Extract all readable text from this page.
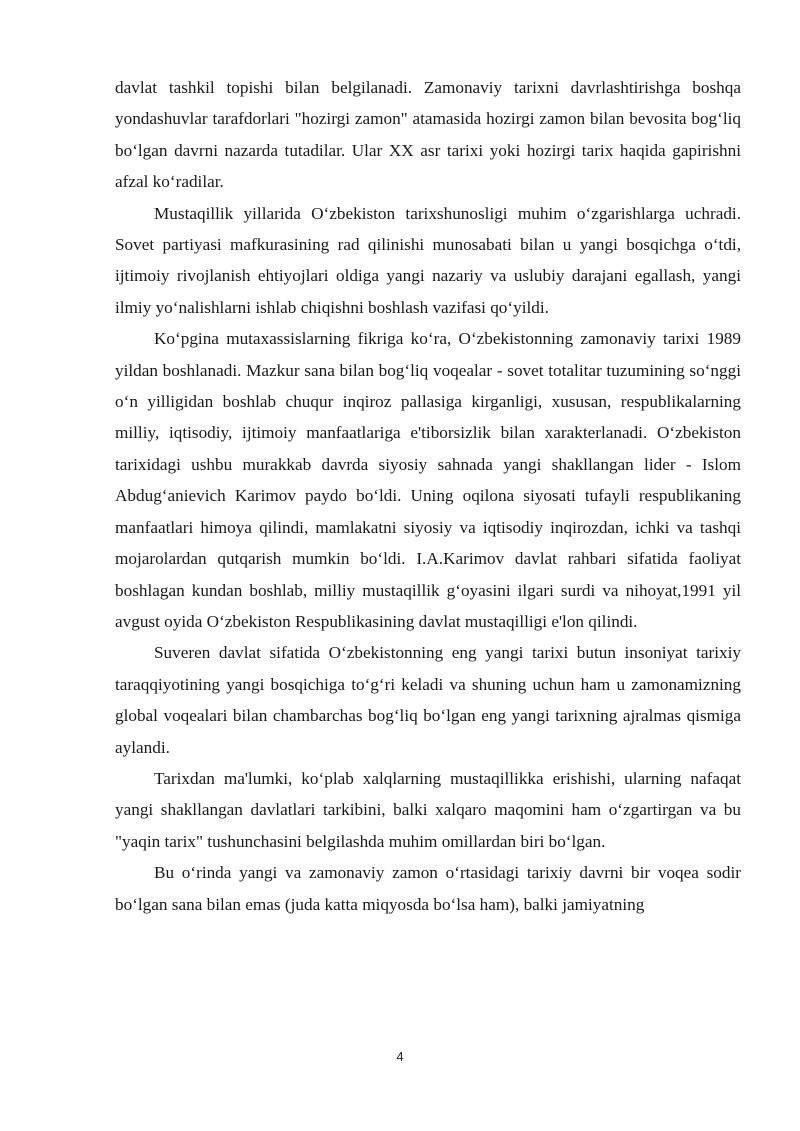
davlat tashkil topishi bilan belgilanadi. Zamonaviy tarixni davrlashtirishga boshqa yondashuvlar tarafdorlari "hozirgi zamon" atamasida hozirgi zamon bilan bevosita bog‘liq bo‘lgan davrni nazarda tutadilar. Ular XX asr tarixi yoki hozirgi tarix haqida gapirishni afzal ko‘radilar.

Mustaqillik yillarida O‘zbekiston tarixshunosligi muhim o‘zgarishlarga uchradi. Sovet partiyasi mafkurasining rad qilinishi munosabati bilan u yangi bosqichga o‘tdi, ijtimoiy rivojlanish ehtiyojlari oldiga yangi nazariy va uslubiy darajani egallash, yangi ilmiy yo‘nalishlarni ishlab chiqishni boshlash vazifasi qo‘yildi.

Ko‘pgina mutaxassislarning fikriga ko‘ra, O‘zbekistonning zamonaviy tarixi 1989 yildan boshlanadi. Mazkur sana bilan bog‘liq voqealar - sovet totalitar tuzumining so‘nggi o‘n yilligidan boshlab chuqur inqiroz pallasiga kirganligi, xususan, respublikalarning milliy, iqtisodiy, ijtimoiy manfaatlariga e'tiborsizlik bilan xarakterlanadi. O‘zbekiston tarixidagi ushbu murakkab davrda siyosiy sahnada yangi shakllangan lider - Islom Abdug‘anievich Karimov paydo bo‘ldi. Uning oqilona siyosati tufayli respublikaning manfaatlari himoya qilindi, mamlakatni siyosiy va iqtisodiy inqirozdan, ichki va tashqi mojarolardan qutqarish mumkin bo‘ldi. I.A.Karimov davlat rahbari sifatida faoliyat boshlagan kundan boshlab, milliy mustaqillik g‘oyasini ilgari surdi va nihoyat,1991 yil avgust oyida O‘zbekiston Respublikasining davlat mustaqilligi e'lon qilindi.

Suveren davlat sifatida O‘zbekistonning eng yangi tarixi butun insoniyat tarixiy taraqqiyotining yangi bosqichiga to‘g‘ri keladi va shuning uchun ham u zamonamizning global voqealari bilan chambarchas bog‘liq bo‘lgan eng yangi tarixning ajralmas qismiga aylandi.

Tarixdan ma'lumki, ko‘plab xalqlarning mustaqillikka erishishi, ularning nafaqat yangi shakllangan davlatlari tarkibini, balki xalqaro maqomini ham o‘zgartirgan va bu "yaqin tarix" tushunchasini belgilashda muhim omillardan biri bo‘lgan.

Bu o‘rinda yangi va zamonaviy zamon o‘rtasidagi tarixiy davrni bir voqea sodir bo‘lgan sana bilan emas (juda katta miqyosda bo‘lsa ham), balki jamiyatning

4
